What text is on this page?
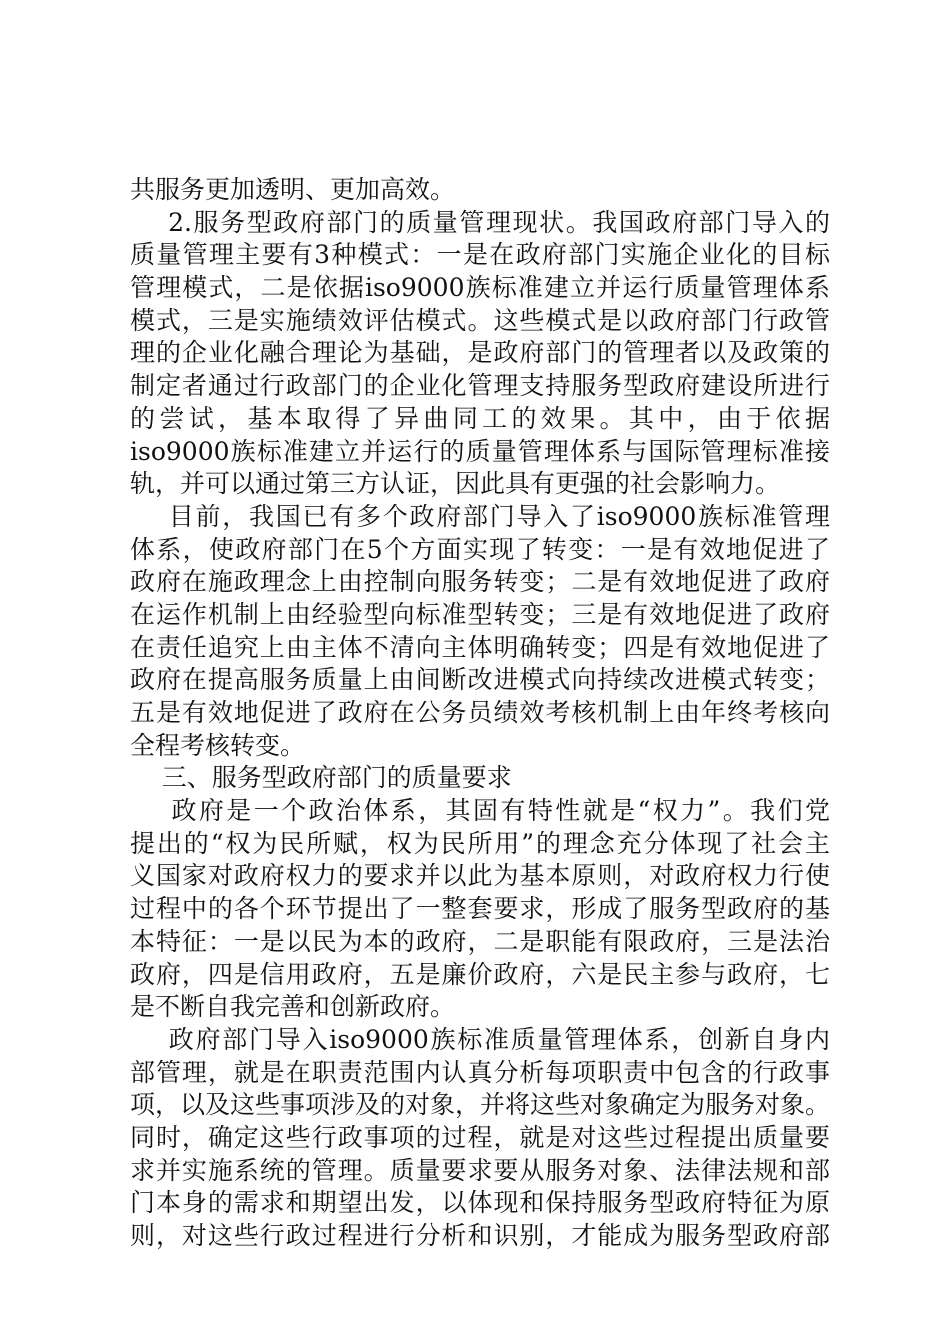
共服务更加透明、更加高效。
2.服务型政府部门的质量管理现状。我国政府部门导入的
质量管理主要有3种模式：一是在政府部门实施企业化的目标
管理模式，二是依据iso9000族标准建立并运行质量管理体系
模式，三是实施绩效评估模式。这些模式是以政府部门行政管
理的企业化融合理论为基础，是政府部门的管理者以及政策的
制定者通过行政部门的企业化管理支持服务型政府建设所进行
的尝试，基本取得了异曲同工的效果。其中，由于依据
iso9000族标准建立并运行的质量管理体系与国际管理标准接
轨，并可以通过第三方认证，因此具有更强的社会影响力。
目前，我国已有多个政府部门导入了iso9000族标准管理
体系，使政府部门在5个方面实现了转变：一是有效地促进了
政府在施政理念上由控制向服务转变；二是有效地促进了政府
在运作机制上由经验型向标准型转变；三是有效地促进了政府
在责任追究上由主体不清向主体明确转变；四是有效地促进了
政府在提高服务质量上由间断改进模式向持续改进模式转变；
五是有效地促进了政府在公务员绩效考核机制上由年终考核向
全程考核转变。
三、服务型政府部门的质量要求
政府是一个政治体系，其固有特性就是“权力”。我们党
提出的“权为民所赋，权为民所用”的理念充分体现了社会主
义国家对政府权力的要求并以此为基本原则，对政府权力行使
过程中的各个环节提出了一整套要求，形成了服务型政府的基
本特征：一是以民为本的政府，二是职能有限政府，三是法治
政府，四是信用政府，五是廉价政府，六是民主参与政府，七
是不断自我完善和创新政府。
政府部门导入iso9000族标准质量管理体系，创新自身内
部管理，就是在职责范围内认真分析每项职责中包含的行政事
项，以及这些事项涉及的对象，并将这些对象确定为服务对象。
同时，确定这些行政事项的过程，就是对这些过程提出质量要
求并实施系统的管理。质量要求要从服务对象、法律法规和部
门本身的需求和期望出发，以体现和保持服务型政府特征为原
则，对这些行政过程进行分析和识别，才能成为服务型政府部
